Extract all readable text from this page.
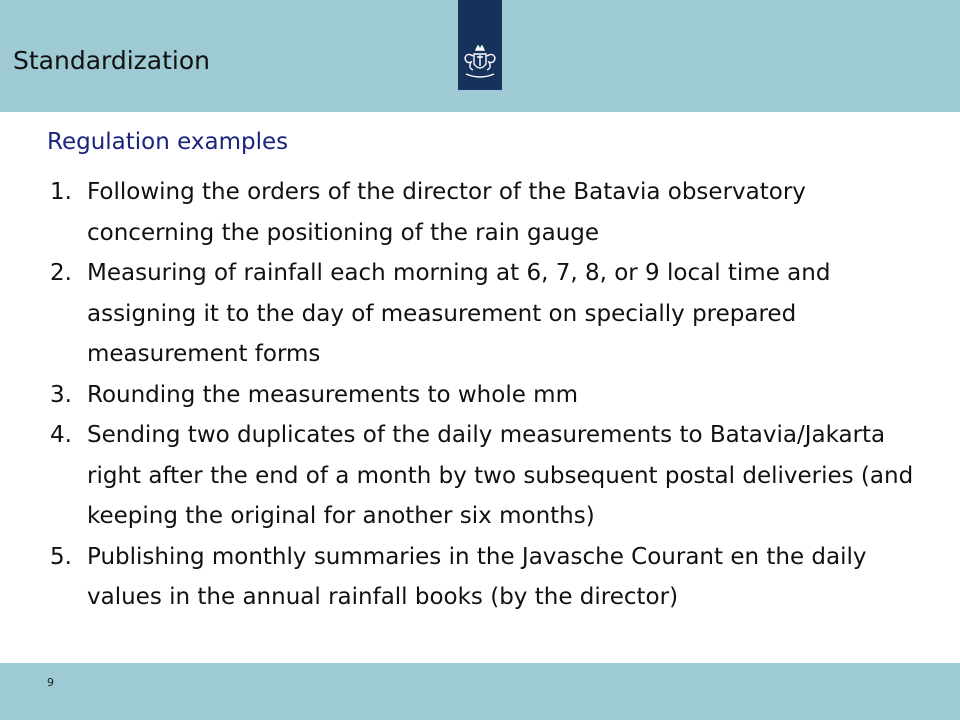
Standardization
Regulation examples
1. Following the orders of the director of the Batavia observatory concerning the positioning of the rain gauge
2. Measuring of rainfall each morning at 6, 7, 8, or 9 local time and assigning it to the day of measurement on specially prepared measurement forms
3. Rounding the measurements to whole mm
4. Sending two duplicates of the daily measurements to Batavia/Jakarta right after the end of a month by two subsequent postal deliveries (and keeping the original for another six months)
5. Publishing monthly summaries in the Javasche Courant en the daily values in the annual rainfall books (by the director)
9
